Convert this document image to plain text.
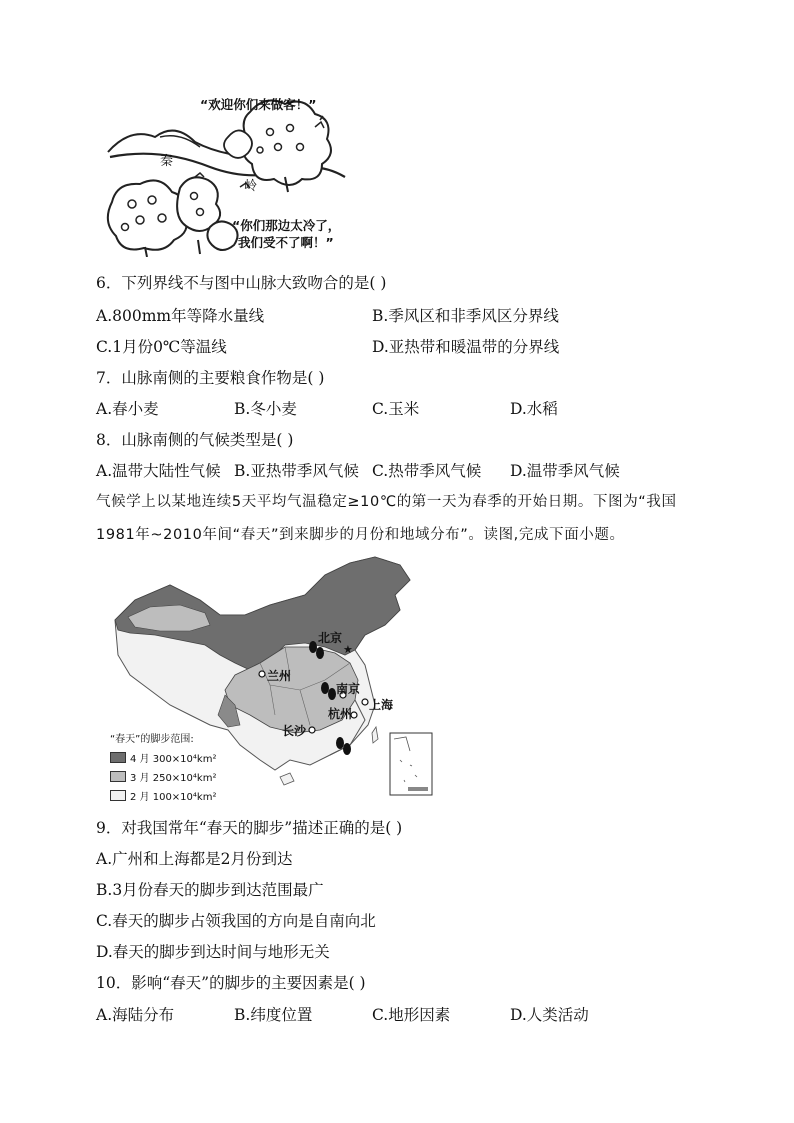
“欢迎你们来做客！”
秦
岭
“你们那边太冷了，
我们受不了啊！”
6．下列界线不与图中山脉大致吻合的是( )
A.800mm年等降水量线	B.季风区和非季风区分界线
C.1月份0℃等温线	D.亚热带和暖温带的分界线
7．山脉南侧的主要粮食作物是( )
A.春小麦	B.冬小麦	C.玉米	D.水稻
8．山脉南侧的气候类型是( )
A.温带大陆性气候 B.亚热带季风气候 C.热带季风气候 D.温带季风气候
气候学上以某地连续5天平均气温稳定≥10℃的第一天为春季的开始日期。下图为“我国
1981年~2010年间“春天”到来脚步的月份和地域分布”。读图,完成下面小题。
★
北京
兰州
南京
上海
杭州
长沙
“春天”的脚步范围:
4 月 300×10⁴km²
3 月 250×10⁴km²
2 月 100×10⁴km²
9．对我国常年“春天的脚步”描述正确的是( )
A.广州和上海都是2月份到达
B.3月份春天的脚步到达范围最广
C.春天的脚步占领我国的方向是自南向北
D.春天的脚步到达时间与地形无关
10．影响“春天”的脚步的主要因素是( )
A.海陆分布	B.纬度位置	C.地形因素	D.人类活动
